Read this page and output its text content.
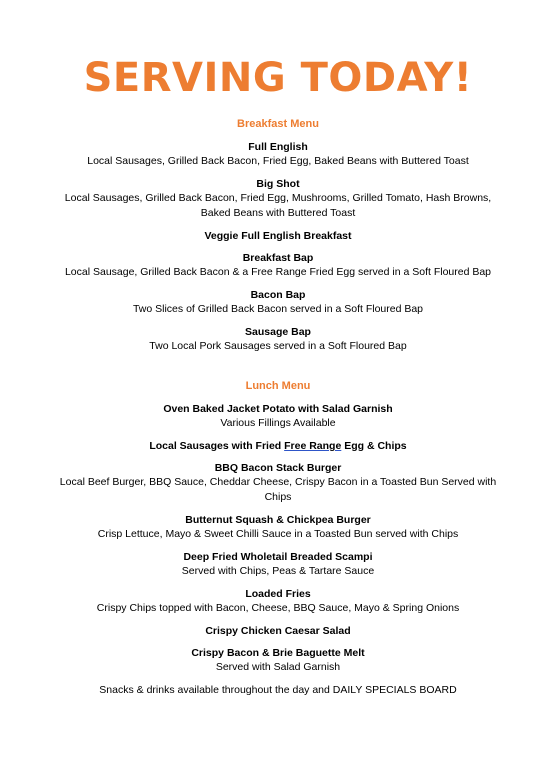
SERVING TODAY!
Breakfast Menu
Full English
Local Sausages, Grilled Back Bacon, Fried Egg, Baked Beans with Buttered Toast
Big Shot
Local Sausages, Grilled Back Bacon, Fried Egg, Mushrooms, Grilled Tomato, Hash Browns, Baked Beans with Buttered Toast
Veggie Full English Breakfast
Breakfast Bap
Local Sausage, Grilled Back Bacon & a Free Range Fried Egg served in a Soft Floured Bap
Bacon Bap
Two Slices of Grilled Back Bacon served in a Soft Floured Bap
Sausage Bap
Two Local Pork Sausages served in a Soft Floured Bap
Lunch Menu
Oven Baked Jacket Potato with Salad Garnish
Various Fillings Available
Local Sausages with Fried Free Range Egg & Chips
BBQ Bacon Stack Burger
Local Beef Burger, BBQ Sauce, Cheddar Cheese, Crispy Bacon in a Toasted Bun Served with Chips
Butternut Squash & Chickpea Burger
Crisp Lettuce, Mayo & Sweet Chilli Sauce in a Toasted Bun served with Chips
Deep Fried Wholetail Breaded Scampi
Served with Chips, Peas & Tartare Sauce
Loaded Fries
Crispy Chips topped with Bacon, Cheese, BBQ Sauce, Mayo & Spring Onions
Crispy Chicken Caesar Salad
Crispy Bacon & Brie Baguette Melt
Served with Salad Garnish
Snacks & drinks available throughout the day and DAILY SPECIALS BOARD
